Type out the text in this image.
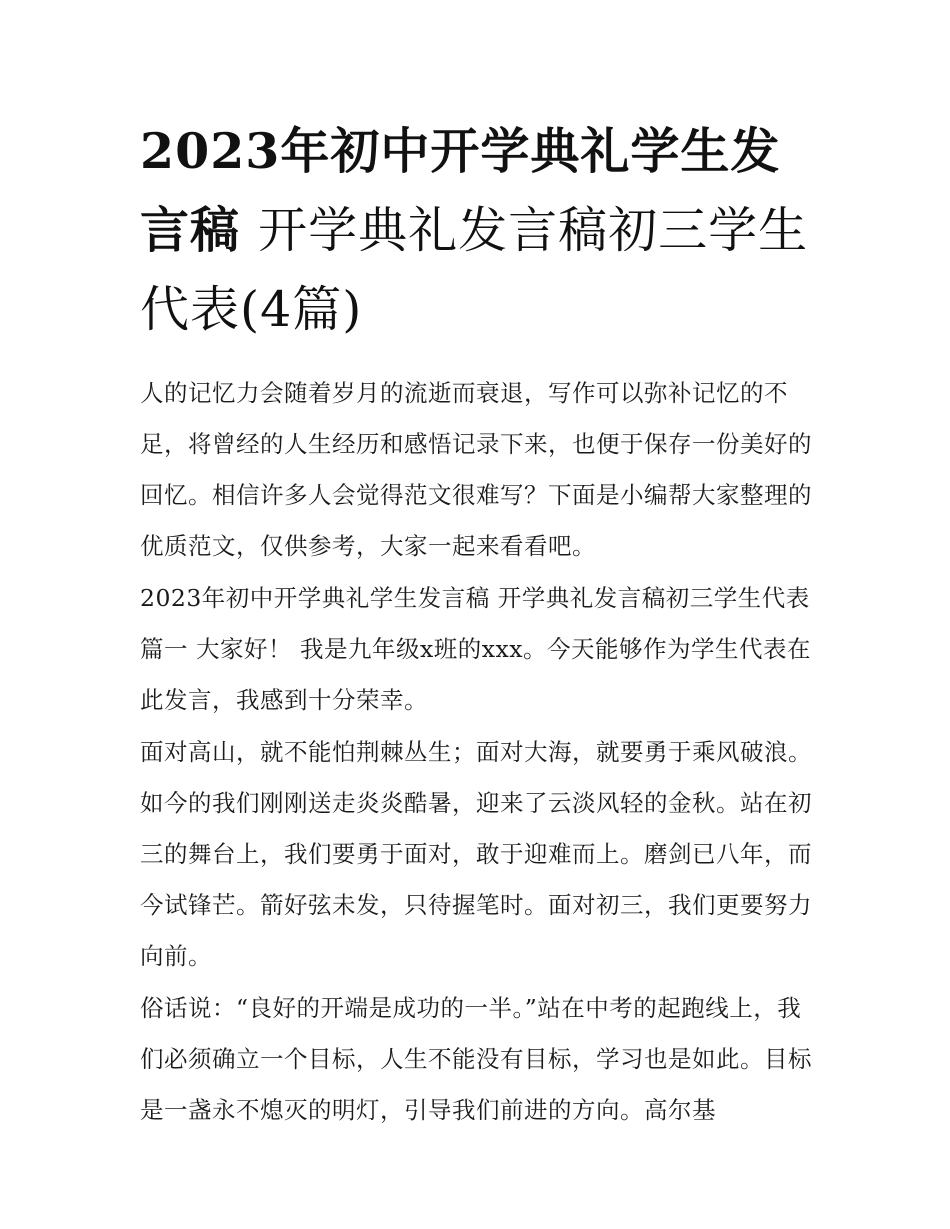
2023年初中开学典礼学生发言稿 开学典礼发言稿初三学生代表(4篇)

人的记忆力会随着岁月的流逝而衰退，写作可以弥补记忆的不足，将曾经的人生经历和感悟记录下来，也便于保存一份美好的回忆。相信许多人会觉得范文很难写？下面是小编帮大家整理的优质范文，仅供参考，大家一起来看看吧。

2023年初中开学典礼学生发言稿 开学典礼发言稿初三学生代表篇一 大家好！ 我是九年级x班的xxx。今天能够作为学生代表在此发言，我感到十分荣幸。

面对高山，就不能怕荆棘丛生；面对大海，就要勇于乘风破浪。如今的我们刚刚送走炎炎酷暑，迎来了云淡风轻的金秋。站在初三的舞台上，我们要勇于面对，敢于迎难而上。磨剑已八年，而今试锋芒。箭好弦未发，只待握笔时。面对初三，我们更要努力向前。

俗话说：“良好的开端是成功的一半。”站在中考的起跑线上，我们必须确立一个目标，人生不能没有目标，学习也是如此。目标是一盏永不熄灭的明灯，引导我们前进的方向。高尔基
